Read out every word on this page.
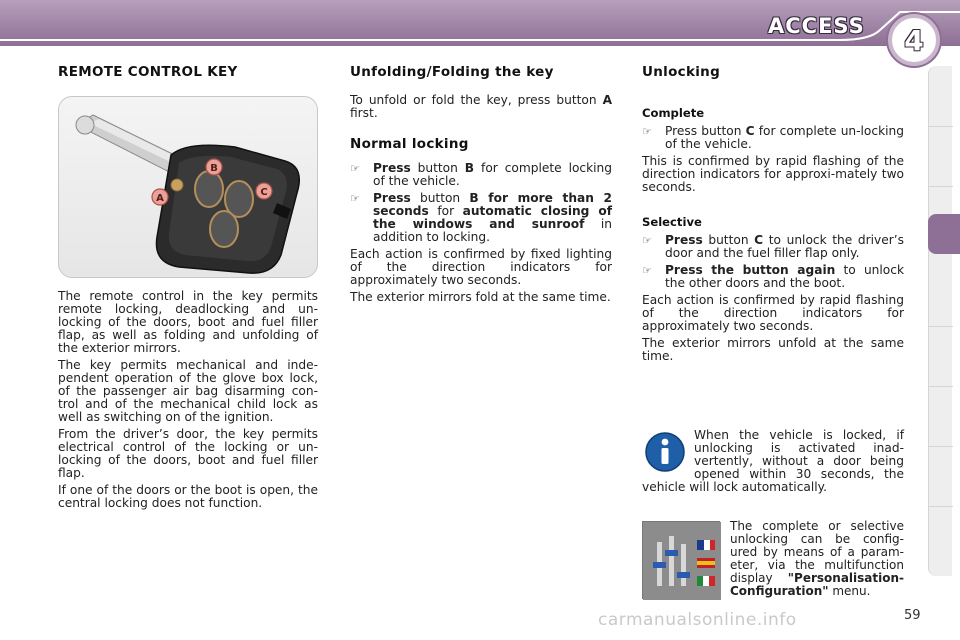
ACCESS	4
REMOTE CONTROL KEY
B
C
A

The remote control in the key permits remote locking, deadlocking and un-locking of the doors, boot and fuel filler flap, as well as folding and unfolding of the exterior mirrors.

The key permits mechanical and inde-pendent operation of the glove box lock, of the passenger air bag disarming con-trol and of the mechanical child lock as well as switching on of the ignition.

From the driver’s door, the key permits electrical control of the locking or un-locking of the doors, boot and fuel filler flap.

If one of the doors or the boot is open, the central locking does not function.

Unfolding/Folding the key

To unfold or fold the key, press button A first.

Normal locking
☞ Press button B for complete locking of the vehicle.
☞ Press button B for more than 2 seconds for automatic closing of the windows and sunroof in addition to locking.

Each action is confirmed by fixed lighting of the direction indicators for approximately two seconds.

The exterior mirrors fold at the same time.

Unlocking
Complete
☞ Press button C for complete un-locking of the vehicle.

This is confirmed by rapid flashing of the direction indicators for approxi-mately two seconds.

Selective
☞ Press button C to unlock the driver’s door and the fuel filler flap only.
☞ Press the button again to unlock the other doors and the boot.

Each action is confirmed by rapid flashing of the direction indicators for approximately two seconds.

The exterior mirrors unfold at the same time.

When the vehicle is locked, if unlocking is activated inad-vertently, without a door being opened within 30 seconds, the vehicle will lock automatically.
The complete or selective unlocking can be config-ured by means of a param-eter, via the multifunction display "Personalisation-Configuration" menu.
carmanualsonline.info	59
